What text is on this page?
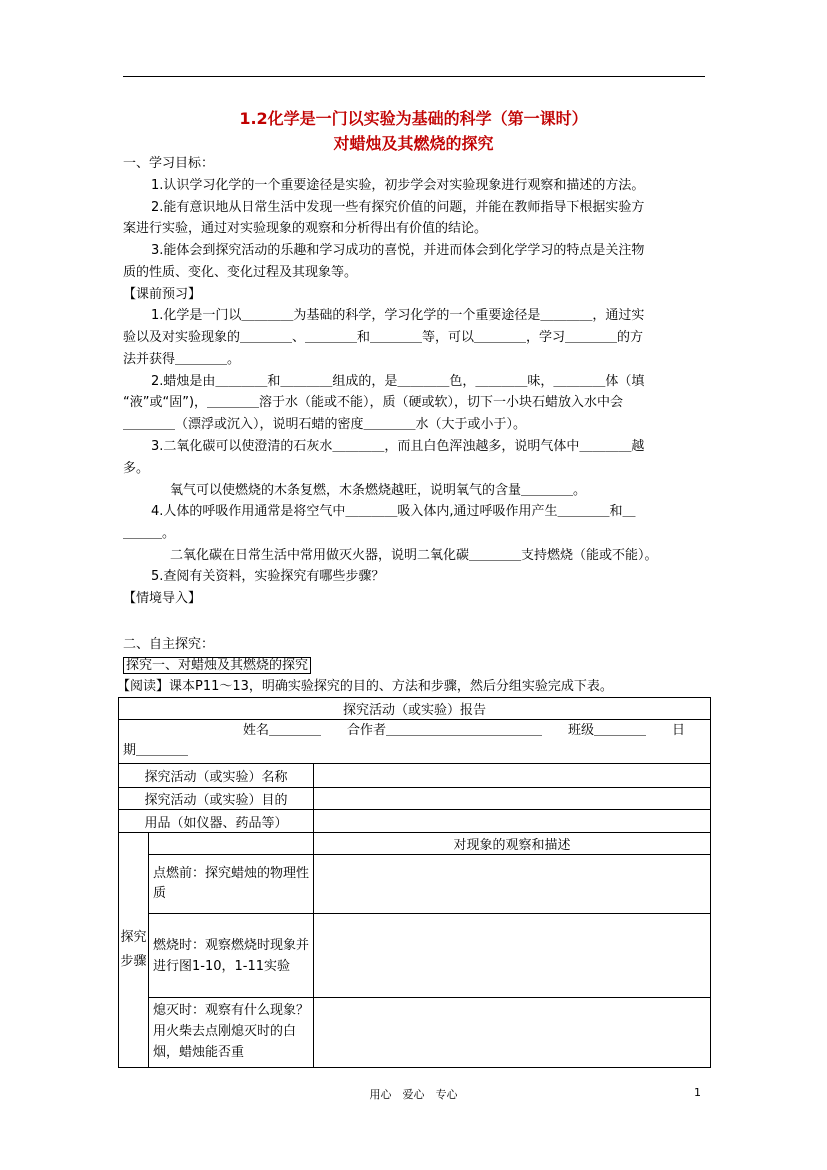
1.2化学是一门以实验为基础的科学（第一课时）
对蜡烛及其燃烧的探究
一、学习目标：
1.认识学习化学的一个重要途径是实验，初步学会对实验现象进行观察和描述的方法。
2.能有意识地从日常生活中发现一些有探究价值的问题，并能在教师指导下根据实验方
案进行实验，通过对实验现象的观察和分析得出有价值的结论。
3.能体会到探究活动的乐趣和学习成功的喜悦，并进而体会到化学学习的特点是关注物
质的性质、变化、变化过程及其现象等。
【课前预习】
1.化学是一门以＿＿＿＿为基础的科学，学习化学的一个重要途径是＿＿＿＿，通过实
验以及对实验现象的＿＿＿＿、＿＿＿＿和＿＿＿＿等，可以＿＿＿＿，学习＿＿＿＿的方
法并获得＿＿＿＿。
2.蜡烛是由＿＿＿＿和＿＿＿＿组成的，是＿＿＿＿色，＿＿＿＿味，＿＿＿＿体（填
“液”或“固”)，＿＿＿＿溶于水（能或不能），质（硬或软），切下一小块石蜡放入水中会
＿＿＿＿（漂浮或沉入），说明石蜡的密度＿＿＿＿水（大于或小于）。
3.二氧化碳可以使澄清的石灰水＿＿＿＿，而且白色浑浊越多，说明气体中＿＿＿＿越
多。
氧气可以使燃烧的木条复燃，木条燃烧越旺，说明氧气的含量＿＿＿＿。
4.人体的呼吸作用通常是将空气中＿＿＿＿吸入体内,通过呼吸作用产生＿＿＿＿和＿
＿＿＿。
二氧化碳在日常生活中常用做灭火器，说明二氧化碳＿＿＿＿支持燃烧（能或不能）。
5.查阅有关资料，实验探究有哪些步骤？
【情境导入】
二、自主探究：
探究一、对蜡烛及其燃烧的探究
【阅读】课本P11～13，明确实验探究的目的、方法和步骤，然后分组实验完成下表。
探究活动（或实验）报告		

姓名＿＿＿＿　　合作者＿＿＿＿＿＿＿＿＿＿＿＿　　班级＿＿＿＿　　日
期＿＿＿＿		

探究活动（或实验）名称		
探究活动（或实验）目的		
用品（如仪器、药品等）		
探究步骤		对现象的观察和描述
	点燃前：探究蜡烛的物理性质	
	燃烧时：观察燃烧时现象并进行图1-10，1-11实验	
	熄灭时：观察有什么现象？用火柴去点刚熄灭时的白烟，蜡烛能否重	
用心　爱心　专心	1
